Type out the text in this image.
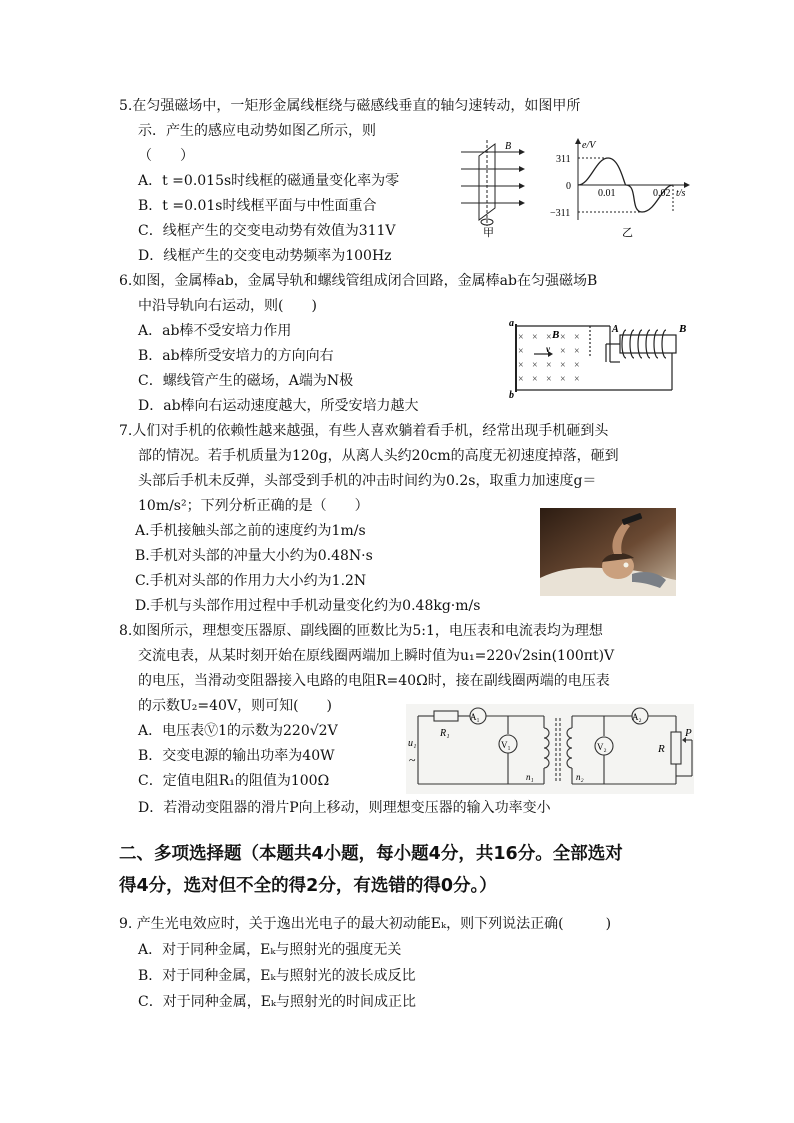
5.在匀强磁场中，一矩形金属线框绕与磁感线垂直的轴匀速转动，如图甲所
示．产生的感应电动势如图乙所示，则
（　　）
A．t =0.015s时线框的磁通量变化率为零
B．t =0.01s时线框平面与中性面重合
C．线框产生的交变电动势有效值为311V
D．线框产生的交变电动势频率为100Hz
B
甲
e/V
311
0
−311
0.01	0.02 t/s
乙
6.如图，金属棒ab，金属导轨和螺线管组成闭合回路，金属棒ab在匀强磁场B
中沿导轨向右运动，则(　　)
A．ab棒不受安培力作用
B．ab棒所受安培力的方向向右
C．螺线管产生的磁场，A端为N极
D．ab棒向右运动速度越大，所受安培力越大
× × × × ×
×	× ×
× × × × ×
× × × × ×
a
b
B
v
A	B
7.人们对手机的依赖性越来越强，有些人喜欢躺着看手机，经常出现手机砸到头
部的情况。若手机质量为120g，从离人头约20cm的高度无初速度掉落，砸到
头部后手机未反弹，头部受到手机的冲击时间约为0.2s，取重力加速度g＝
10m/s²；下列分析正确的是（　　）
A.手机接触头部之前的速度约为1m/s
B.手机对头部的冲量大小约为0.48N·s
C.手机对头部的作用力大小约为1.2N
D.手机与头部作用过程中手机动量变化约为0.48kg·m/s
8.如图所示，理想变压器原、副线圈的匝数比为5:1，电压表和电流表均为理想
交流电表，从某时刻开始在原线圈两端加上瞬时值为u₁=220√2sin(100πt)V
的电压，当滑动变阻器接入电路的电阻R=40Ω时，接在副线圈两端的电压表
的示数U₂=40V，则可知(　　)
A．电压表Ⓥ1的示数为220√2V
B．交变电源的输出功率为40W
C．定值电阻R₁的阻值为100Ω
D．若滑动变阻器的滑片P向上移动，则理想变压器的输入功率变小
A₁
R₁
V₁
u₁
~
n₁	n₂
V₂
A₂
R
P
二、多项选择题（本题共4小题，每小题4分，共16分。全部选对
得4分，选对但不全的得2分，有选错的得0分。）
9. 产生光电效应时，关于逸出光电子的最大初动能Eₖ，则下列说法正确(　　　)
A．对于同种金属，Eₖ与照射光的强度无关
B．对于同种金属，Eₖ与照射光的波长成反比
C．对于同种金属，Eₖ与照射光的时间成正比
